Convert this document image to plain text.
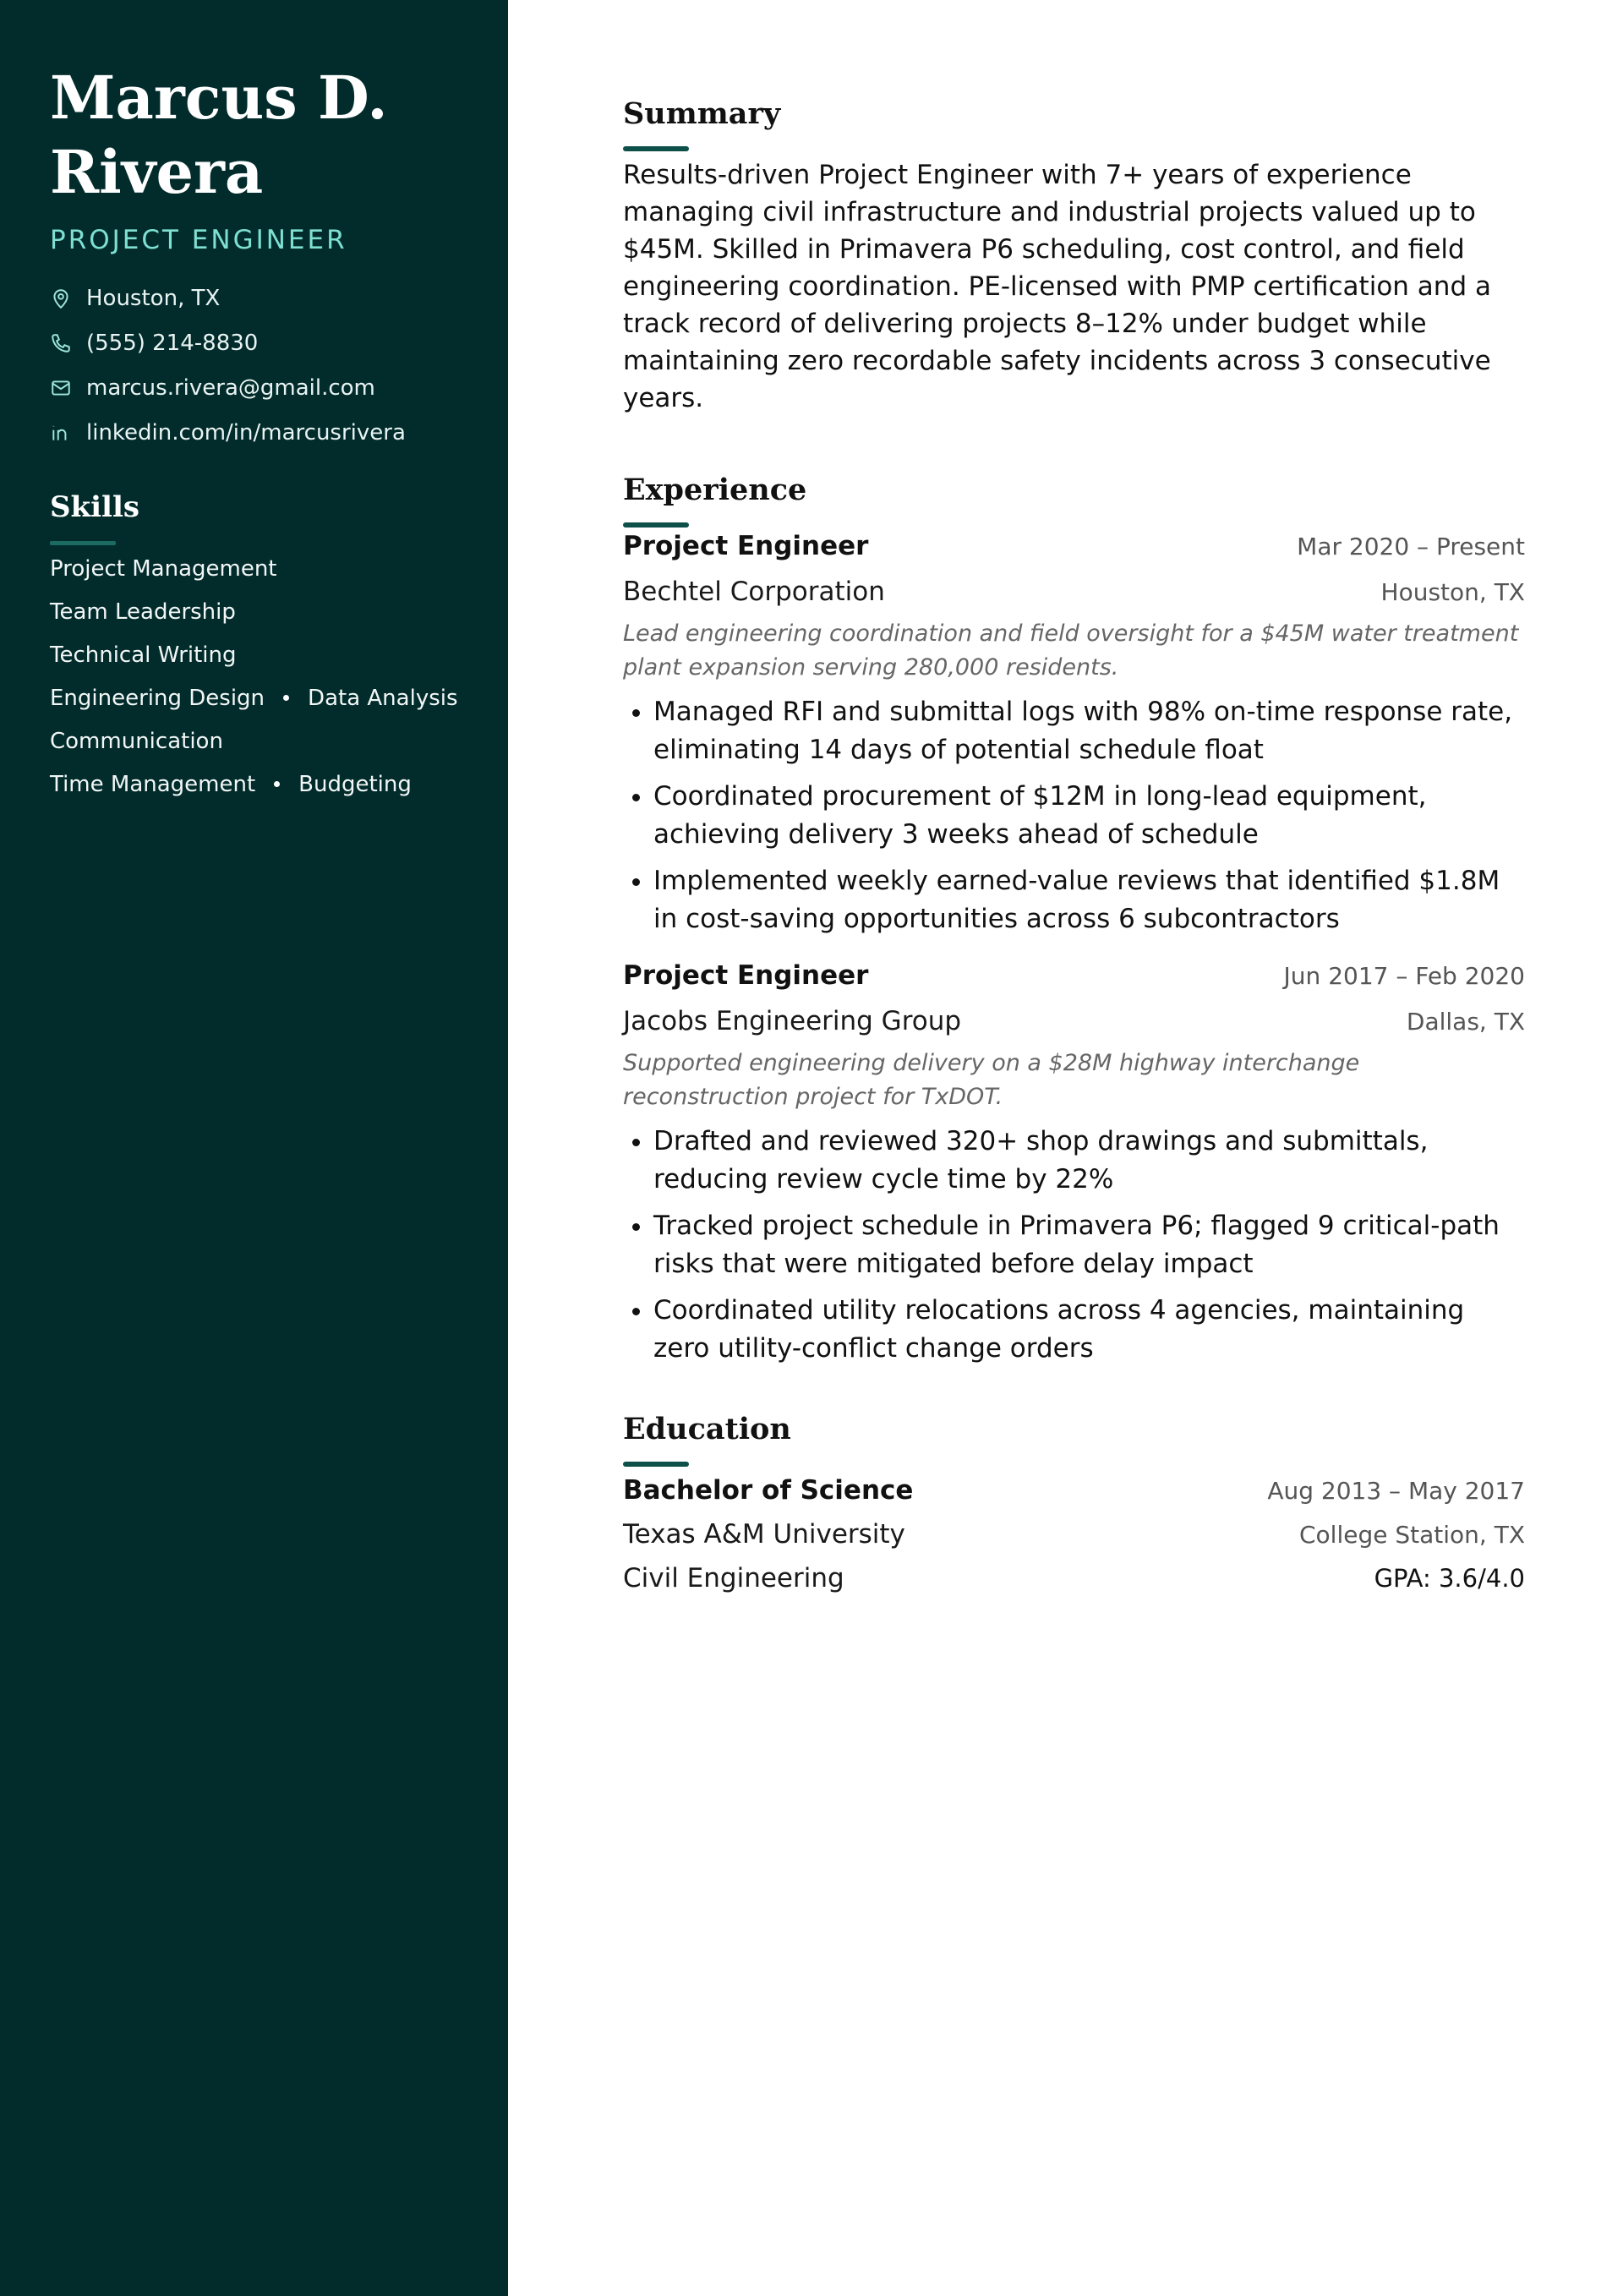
Marcus D.
Rivera
PROJECT ENGINEER
Houston, TX
(555) 214-8830
marcus.rivera@gmail.com
linkedin.com/in/marcusrivera
Skills
Project Management
Team Leadership
Technical Writing
Engineering Design Data Analysis
Communication
Time Management Budgeting
Summary

Results-driven Project Engineer with 7+ years of experience managing civil infrastructure and industrial projects valued up to $45M. Skilled in Primavera P6 scheduling, cost control, and field engineering coordination. PE-licensed with PMP certification and a track record of delivering projects 8–12% under budget while maintaining zero recordable safety incidents across 3 consecutive years.

Experience
Project Engineer	Mar 2020 – Present
Bechtel Corporation	Houston, TX
Lead engineering coordination and field oversight for a $45M water treatment plant expansion serving 280,000 residents.
• Managed RFI and submittal logs with 98% on-time response rate, eliminating 14 days of potential schedule float
• Coordinated procurement of $12M in long-lead equipment, achieving delivery 3 weeks ahead of schedule
• Implemented weekly earned-value reviews that identified $1.8M in cost-saving opportunities across 6 subcontractors
Project Engineer	Jun 2017 – Feb 2020
Jacobs Engineering Group	Dallas, TX
Supported engineering delivery on a $28M highway interchange reconstruction project for TxDOT.
• Drafted and reviewed 320+ shop drawings and submittals, reducing review cycle time by 22%
• Tracked project schedule in Primavera P6; flagged 9 critical-path risks that were mitigated before delay impact
• Coordinated utility relocations across 4 agencies, maintaining zero utility-conflict change orders
Education
Bachelor of Science	Aug 2013 – May 2017
Texas A&M University	College Station, TX
Civil Engineering	GPA: 3.6/4.0
